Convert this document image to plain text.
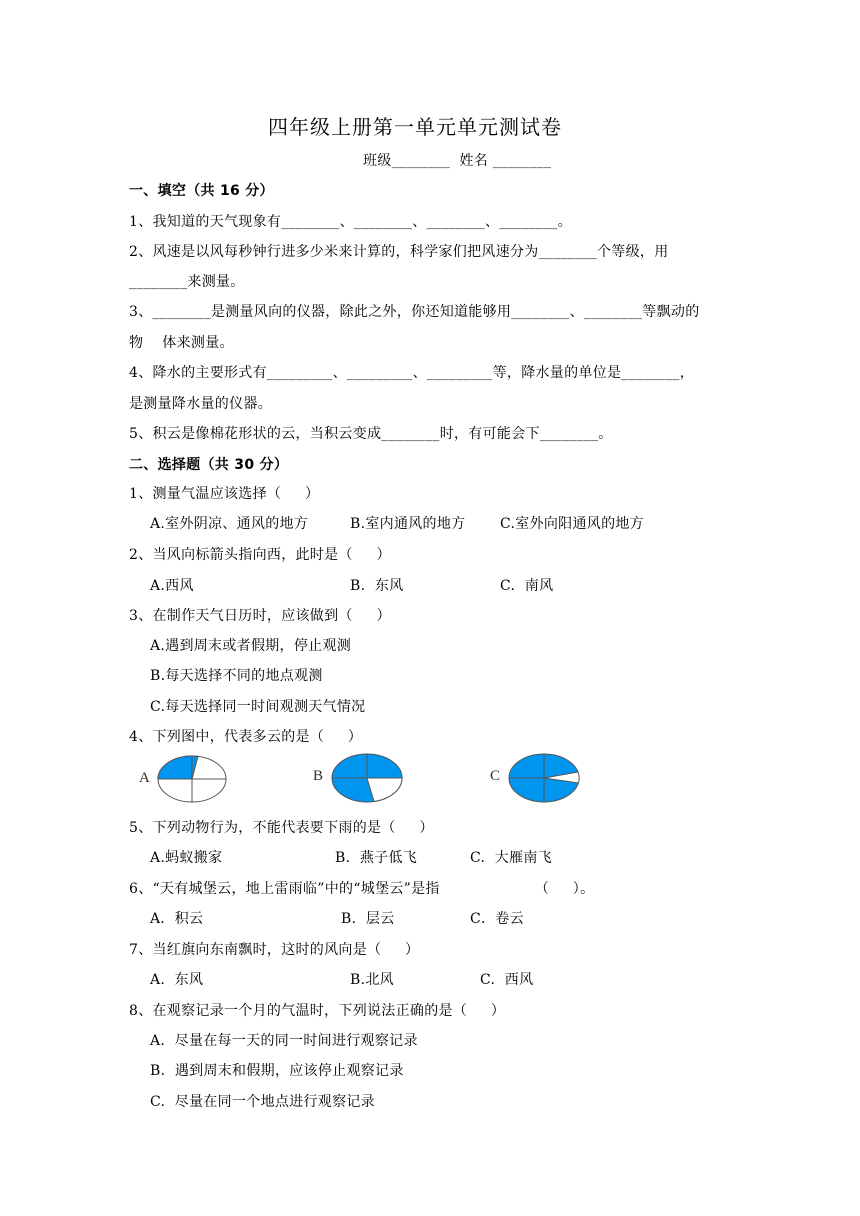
四年级上册第一单元单元测试卷
班级________  姓名 ________
一、填空（共 16 分）
1、我知道的天气现象有________、________、________、________。
2、风速是以风每秒钟行进多少米来计算的，科学家们把风速分为________个等级，用
________来测量。
3、________是测量风向的仪器，除此之外，你还知道能够用________、________等飘动的
物    体来测量。
4、降水的主要形式有_________、_________、_________等，降水量的单位是________，
是测量降水量的仪器。
5、积云是像棉花形状的云，当积云变成________时，有可能会下________。
二、选择题（共 30 分）
1、测量气温应该选择（     ）
A.室外阴凉、通风的地方	B.室内通风的地方 C.室外向阳通风的地方
2、当风向标箭头指向西，此时是（     ）
A.西风	B.  东风	C.  南风
3、在制作天气日历时，应该做到（     ）
A.遇到周末或者假期，停止观测
B.每天选择不同的地点观测
C.每天选择同一时间观测天气情况
4、下列图中，代表多云的是（     ）
A	B	C
5、下列动物行为，不能代表要下雨的是（     ）
A.蚂蚁搬家	B.  燕子低飞	C.  大雁南飞
6、“天有城堡云，地上雷雨临”中的“城堡云”是指                    （     ）。
A．积云	B．层云	C．卷云
7、当红旗向东南飘时，这时的风向是（     ）
A.  东风	B.北风	C.  西风
8、在观察记录一个月的气温时，下列说法正确的是（     ）
A.  尽量在每一天的同一时间进行观察记录
B.  遇到周末和假期，应该停止观察记录
C.  尽量在同一个地点进行观察记录
